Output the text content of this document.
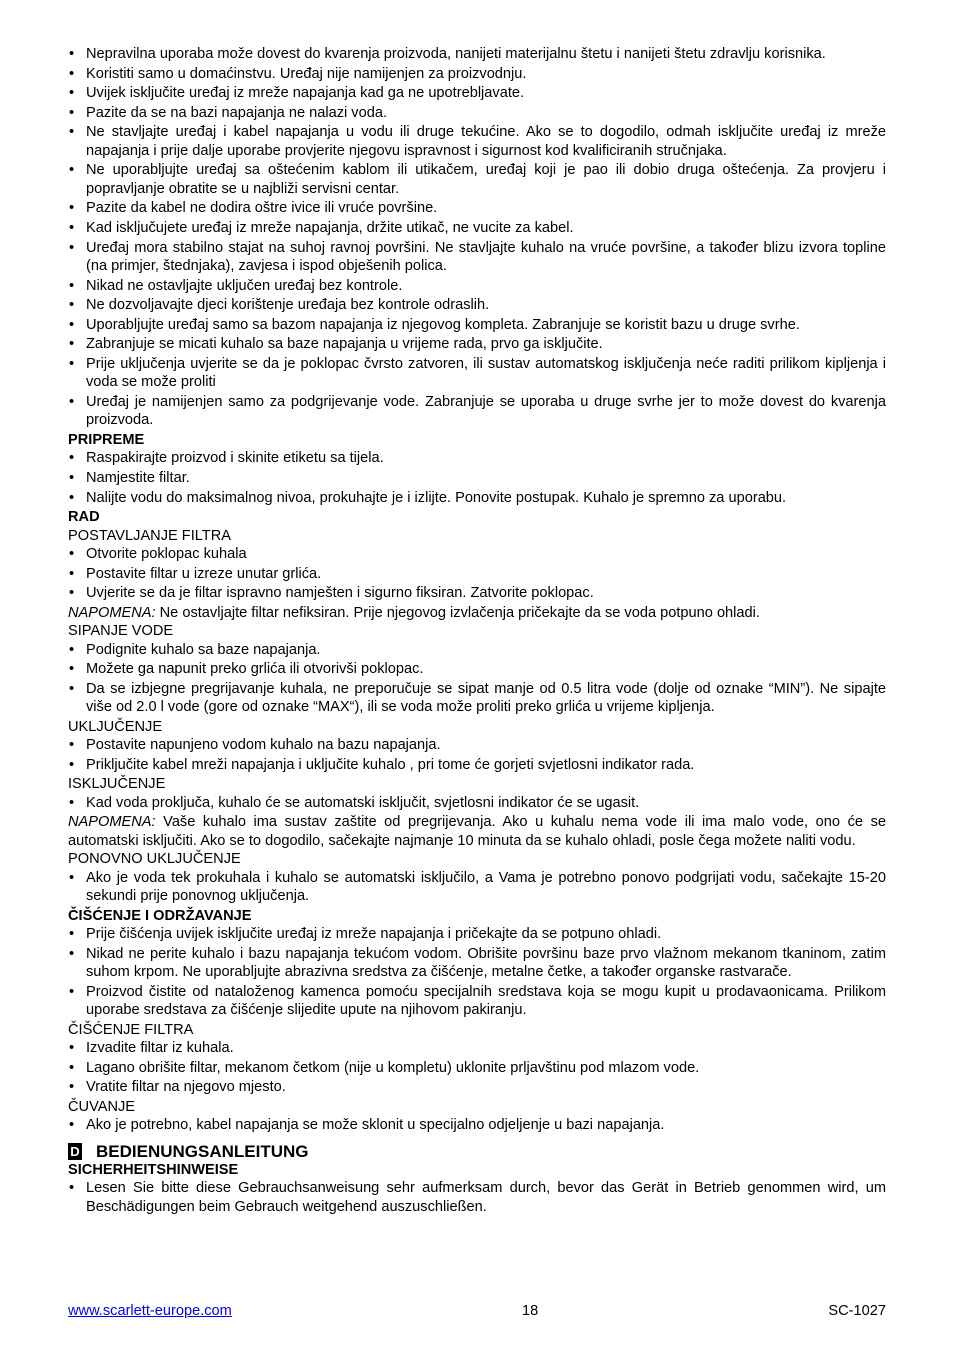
• Nepravilna uporaba može dovest do kvarenja proizvoda, nanijeti materijalnu štetu i nanijeti štetu zdravlju korisnika.
• Koristiti samo u domaćinstvu. Uređaj nije namijenjen za proizvodnju.
• Uvijek isključite uređaj iz mreže napajanja kad ga ne upotrebljavate.
• Pazite da se na bazi napajanja ne nalazi voda.
• Ne stavljajte uređaj i kabel napajanja u vodu ili druge tekućine. Ako se to dogodilo, odmah isključite uređaj iz mreže napajanja i prije dalje uporabe provjerite njegovu ispravnost i sigurnost kod kvalificiranih stručnjaka.
• Ne uporabljujte uređaj sa oštećenim kablom ili utikačem, uređaj koji je pao ili dobio druga oštećenja. Za provjeru i popravljanje obratite se u najbliži servisni centar.
• Pazite da kabel ne dodira oštre ivice ili vruće površine.
• Kad isključujete uređaj iz mreže napajanja, držite utikač, ne vucite za kabel.
• Uređaj mora stabilno stajat na suhoj ravnoj površini. Ne stavljajte kuhalo na vruće površine, a također blizu izvora topline (na primjer, štednjaka), zavjesa i ispod obješenih polica.
• Nikad ne ostavljajte uključen uređaj bez kontrole.
• Ne dozvoljavajte djeci korištenje uređaja bez kontrole odraslih.
• Uporabljujte uređaj samo sa bazom napajanja iz njegovog kompleta. Zabranjuje se koristit bazu u druge svrhe.
• Zabranjuje se micati kuhalo sa baze napajanja u vrijeme rada, prvo ga isključite.
• Prije uključenja uvjerite se da je poklopac čvrsto zatvoren, ili sustav automatskog isključenja neće raditi prilikom kipljenja i voda se može proliti
• Uređaj je namijenjen samo za podgrijevanje vode. Zabranjuje se uporaba u druge svrhe jer to može dovest do kvarenja proizvoda.

PRIPREME

• Raspakirajte proizvod i skinite etiketu sa tijela.
• Namjestite filtar.
• Nalijte vodu do maksimalnog nivoa, prokuhajte je i izlijte. Ponovite postupak. Kuhalo je spremno za uporabu.

RAD

POSTAVLJANJE FILTRA

• Otvorite poklopac kuhala
• Postavite filtar u izreze unutar grlića.
• Uvjerite se da je filtar ispravno namješten i sigurno fiksiran. Zatvorite poklopac.

NAPOMENA: Ne ostavljajte filtar nefiksiran. Prije njegovog izvlačenja pričekajte da se voda potpuno ohladi.

SIPANJE VODE

• Podignite kuhalo sa baze napajanja.
• Možete ga napunit preko grlića ili otvorivši poklopac.
• Da se izbjegne pregrijavanje kuhala, ne preporučuje se sipat manje od 0.5 litra vode (dolje od oznake “MIN”). Ne sipajte više od 2.0 l vode (gore od oznake “MAX“), ili se voda može proliti preko grlića u vrijeme kipljenja.

UKLJUČENJE

• Postavite napunjeno vodom kuhalo na bazu napajanja.
• Priključite kabel mreži napajanja i uključite kuhalo , pri tome će gorjeti svjetlosni indikator rada.

ISKLJUČENJE

• Kad voda proključa, kuhalo će se automatski isključit, svjetlosni indikator će se ugasit.

NAPOMENA: Vaše kuhalo ima sustav zaštite od pregrijevanja. Ako u kuhalu nema vode ili ima malo vode, ono će se automatski isključiti. Ako se to dogodilo, sačekajte najmanje 10 minuta da se kuhalo ohladi, posle čega možete naliti vodu.

PONOVNO UKLJUČENJE

• Ako je voda tek prokuhala i kuhalo se automatski isključilo, a Vama je potrebno ponovo podgrijati vodu, sačekajte 15-20 sekundi prije ponovnog uključenja.

ČIŠĆENJE I ODRŽAVANJE

• Prije čišćenja uvijek isključite uređaj iz mreže napajanja i pričekajte da se potpuno ohladi.
• Nikad ne perite kuhalo i bazu napajanja tekućom vodom. Obrišite površinu baze prvo vlažnom mekanom tkaninom, zatim suhom krpom. Ne uporabljujte abrazivna sredstva za čišćenje, metalne četke, a također organske rastvarače.
• Proizvod čistite od nataloženog kamenca pomoću specijalnih sredstava koja se mogu kupit u prodavaonicama. Prilikom uporabe sredstava za čišćenje slijedite upute na njihovom pakiranju.

ČIŠĆENJE FILTRA

• Izvadite filtar iz kuhala.
• Lagano obrišite filtar, mekanom četkom (nije u kompletu) uklonite prljavštinu pod mlazom vode.
• Vratite filtar na njegovo mjesto.

ČUVANJE

• Ako je potrebno, kabel napajanja se može sklonit u specijalno odjeljenje u bazi napajanja.
D BEDIENUNGSANLEITUNG

SICHERHEITSHINWEISE

• Lesen Sie bitte diese Gebrauchsanweisung sehr aufmerksam durch, bevor das Gerät in Betrieb genommen wird, um Beschädigungen beim Gebrauch weitgehend auszuschließen.
www.scarlett-europe.com	18	SC-1027
